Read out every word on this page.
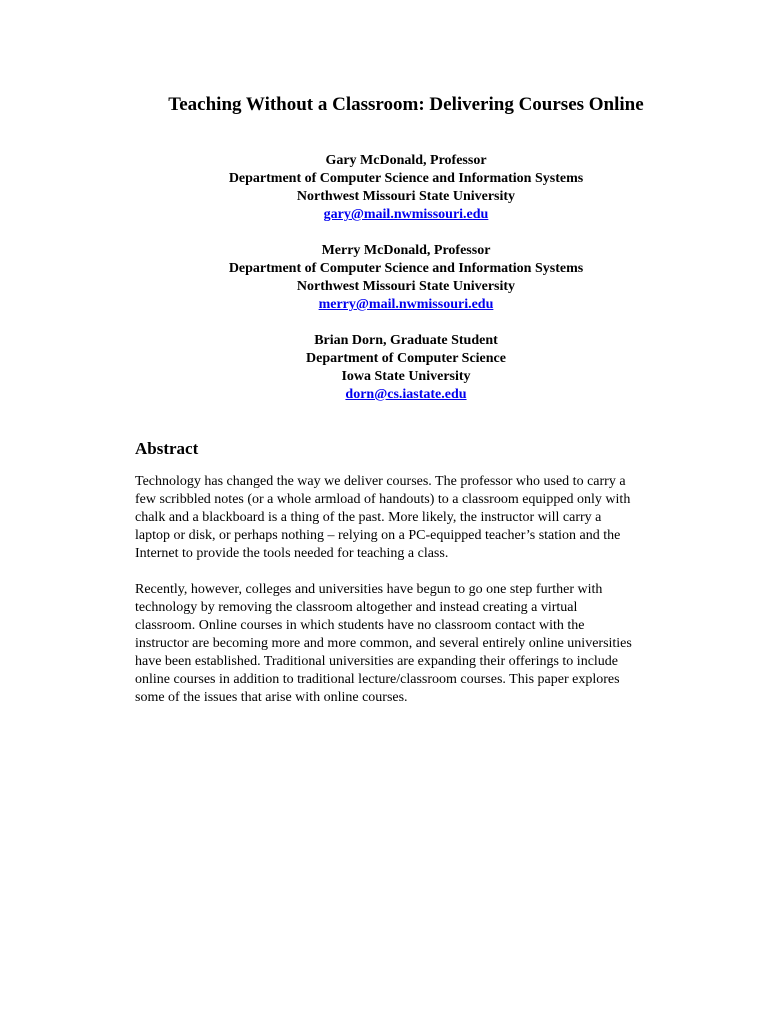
Teaching Without a Classroom: Delivering Courses Online
Gary McDonald, Professor
Department of Computer Science and Information Systems
Northwest Missouri State University
gary@mail.nwmissouri.edu
Merry McDonald, Professor
Department of Computer Science and Information Systems
Northwest Missouri State University
merry@mail.nwmissouri.edu
Brian Dorn, Graduate Student
Department of Computer Science
Iowa State University
dorn@cs.iastate.edu
Abstract

Technology has changed the way we deliver courses. The professor who used to carry a
few scribbled notes (or a whole armload of handouts) to a classroom equipped only with
chalk and a blackboard is a thing of the past. More likely, the instructor will carry a
laptop or disk, or perhaps nothing – relying on a PC-equipped teacher’s station and the
Internet to provide the tools needed for teaching a class.

Recently, however, colleges and universities have begun to go one step further with
technology by removing the classroom altogether and instead creating a virtual
classroom. Online courses in which students have no classroom contact with the
instructor are becoming more and more common, and several entirely online universities
have been established. Traditional universities are expanding their offerings to include
online courses in addition to traditional lecture/classroom courses. This paper explores
some of the issues that arise with online courses.
